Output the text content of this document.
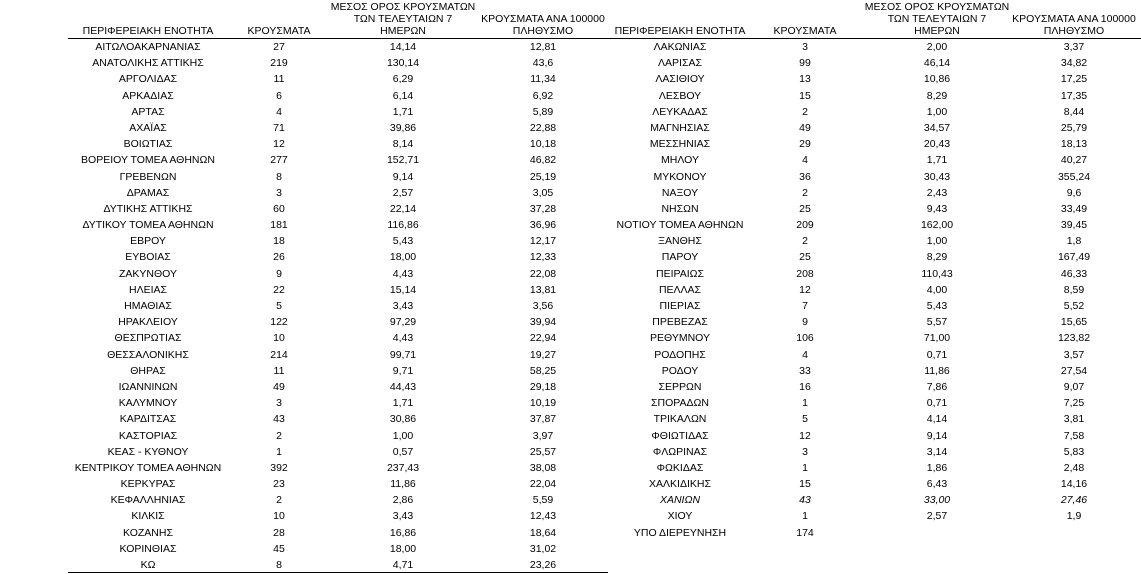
ΠΕΡΙΦΕΡΕΙΑΚΗ ΕΝΟΤΗΤΑ	ΚΡΟΥΣΜΑΤΑ
ΜΕΣΟΣ ΟΡΟΣ ΚΡΟΥΣΜΑΤΩΝ
ΤΩΝ ΤΕΛΕΥΤΑΙΩΝ 7
ΗΜΕΡΩΝ
ΚΡΟΥΣΜΑΤΑ ΑΝΑ 100000
ΠΛΗΘΥΣΜΟ
ΑΙΤΩΛΟΑΚΑΡΝΑΝΙΑΣ	27	14,14	12,81
ΑΝΑΤΟΛΙΚΗΣ ΑΤΤΙΚΗΣ	219	130,14	43,6
ΑΡΓΟΛΙΔΑΣ	11	6,29	11,34
ΑΡΚΑΔΙΑΣ	6	6,14	6,92
ΑΡΤΑΣ	4	1,71	5,89
ΑΧΑΪΑΣ	71	39,86	22,88
ΒΟΙΩΤΙΑΣ	12	8,14	10,18
ΒΟΡΕΙΟΥ ΤΟΜΕΑ ΑΘΗΝΩΝ	277	152,71	46,82
ΓΡΕΒΕΝΩΝ	8	9,14	25,19
ΔΡΑΜΑΣ	3	2,57	3,05
ΔΥΤΙΚΗΣ ΑΤΤΙΚΗΣ	60	22,14	37,28
ΔΥΤΙΚΟΥ ΤΟΜΕΑ ΑΘΗΝΩΝ	181	116,86	36,96
ΕΒΡΟΥ	18	5,43	12,17
ΕΥΒΟΙΑΣ	26	18,00	12,33
ΖΑΚΥΝΘΟΥ	9	4,43	22,08
ΗΛΕΙΑΣ	22	15,14	13,81
ΗΜΑΘΙΑΣ	5	3,43	3,56
ΗΡΑΚΛΕΙΟΥ	122	97,29	39,94
ΘΕΣΠΡΩΤΙΑΣ	10	4,43	22,94
ΘΕΣΣΑΛΟΝΙΚΗΣ	214	99,71	19,27
ΘΗΡΑΣ	11	9,71	58,25
ΙΩΑΝΝΙΝΩΝ	49	44,43	29,18
ΚΑΛΥΜΝΟΥ	3	1,71	10,19
ΚΑΡΔΙΤΣΑΣ	43	30,86	37,87
ΚΑΣΤΟΡΙΑΣ	2	1,00	3,97
ΚΕΑΣ - ΚΥΘΝΟΥ	1	0,57	25,57
ΚΕΝΤΡΙΚΟΥ ΤΟΜΕΑ ΑΘΗΝΩΝ	392	237,43	38,08
ΚΕΡΚΥΡΑΣ	23	11,86	22,04
ΚΕΦΑΛΛΗΝΙΑΣ	2	2,86	5,59
ΚΙΛΚΙΣ	10	3,43	12,43
ΚΟΖΑΝΗΣ	28	16,86	18,64
ΚΟΡΙΝΘΙΑΣ	45	18,00	31,02
ΚΩ	8	4,71	23,26
ΠΕΡΙΦΕΡΕΙΑΚΗ ΕΝΟΤΗΤΑ	ΚΡΟΥΣΜΑΤΑ
ΜΕΣΟΣ ΟΡΟΣ ΚΡΟΥΣΜΑΤΩΝ
ΤΩΝ ΤΕΛΕΥΤΑΙΩΝ 7
ΗΜΕΡΩΝ
ΚΡΟΥΣΜΑΤΑ ΑΝΑ 100000
ΠΛΗΘΥΣΜΟ
ΛΑΚΩΝΙΑΣ	3	2,00	3,37
ΛΑΡΙΣΑΣ	99	46,14	34,82
ΛΑΣΙΘΙΟΥ	13	10,86	17,25
ΛΕΣΒΟΥ	15	8,29	17,35
ΛΕΥΚΑΔΑΣ	2	1,00	8,44
ΜΑΓΝΗΣΙΑΣ	49	34,57	25,79
ΜΕΣΣΗΝΙΑΣ	29	20,43	18,13
ΜΗΛΟΥ	4	1,71	40,27
ΜΥΚΟΝΟΥ	36	30,43	355,24
ΝΑΞΟΥ	2	2,43	9,6
ΝΗΣΩΝ	25	9,43	33,49
ΝΟΤΙΟΥ ΤΟΜΕΑ ΑΘΗΝΩΝ	209	162,00	39,45
ΞΑΝΘΗΣ	2	1,00	1,8
ΠΑΡΟΥ	25	8,29	167,49
ΠΕΙΡΑΙΩΣ	208	110,43	46,33
ΠΕΛΛΑΣ	12	4,00	8,59
ΠΙΕΡΙΑΣ	7	5,43	5,52
ΠΡΕΒΕΖΑΣ	9	5,57	15,65
ΡΕΘΥΜΝΟΥ	106	71,00	123,82
ΡΟΔΟΠΗΣ	4	0,71	3,57
ΡΟΔΟΥ	33	11,86	27,54
ΣΕΡΡΩΝ	16	7,86	9,07
ΣΠΟΡΑΔΩΝ	1	0,71	7,25
ΤΡΙΚΑΛΩΝ	5	4,14	3,81
ΦΘΙΩΤΙΔΑΣ	12	9,14	7,58
ΦΛΩΡΙΝΑΣ	3	3,14	5,83
ΦΩΚΙΔΑΣ	1	1,86	2,48
ΧΑΛΚΙΔΙΚΗΣ	15	6,43	14,16
ΧΑΝΙΩΝ	43	33,00	27,46
ΧΙΟΥ	1	2,57	1,9
ΥΠΟ ΔΙΕΡΕΥΝΗΣΗ	174
